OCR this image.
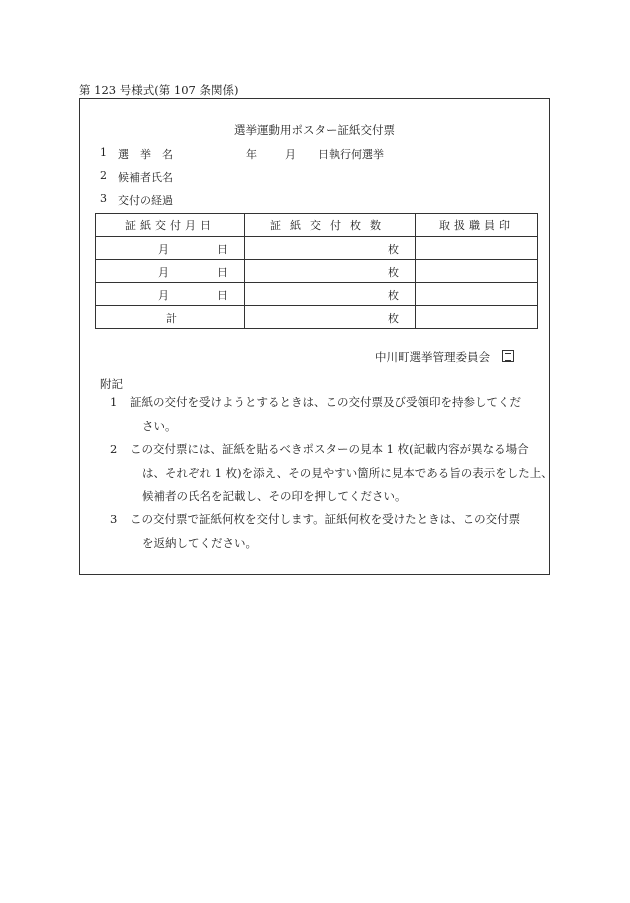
第 123 号様式(第 107 条関係)
選挙運動用ポスター証紙交付票
1 選　挙　名	年	月 日執行何選挙
2 候補者氏名
3 交付の経過
証紙交付月日	証紙交付枚数	取扱職員印

月 日	枚	

月 日	枚	

月 日	枚	

計	枚	

中川町選挙管理委員会
附記
1 証紙の交付を受けようとするときは、この交付票及び受領印を持参してくだ
さい。
2 この交付票には、証紙を貼るべきポスターの見本 1 枚(記載内容が異なる場合
は、それぞれ 1 枚)を添え、その見やすい箇所に見本である旨の表示をした上、
候補者の氏名を記載し、その印を押してください。
3 この交付票で証紙何枚を交付します。証紙何枚を受けたときは、この交付票
を返納してください。
